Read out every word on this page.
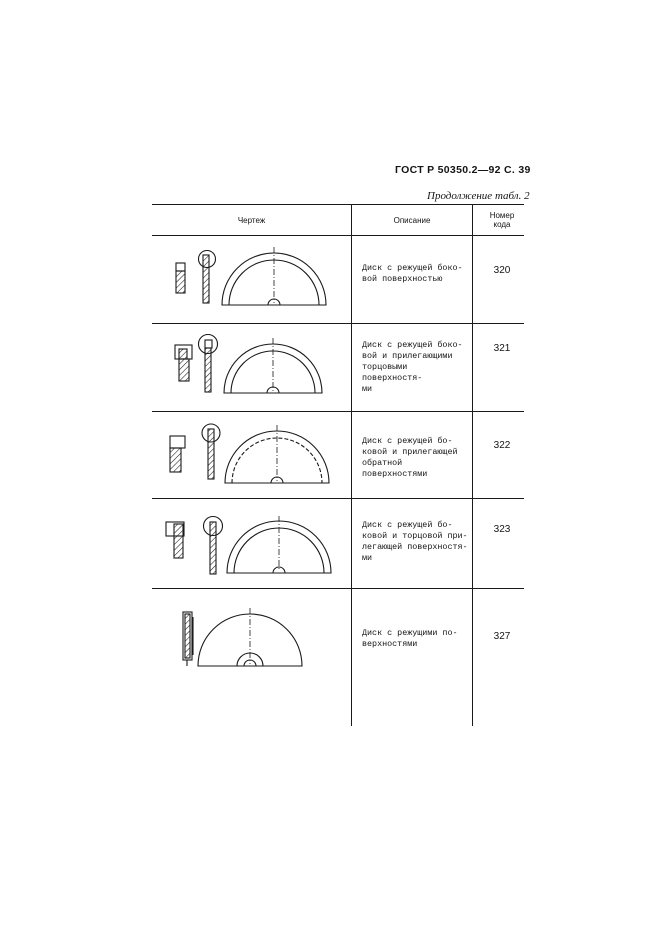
ГОСТ Р 50350.2—92 С. 39
Продолжение табл. 2
Чертеж	Описание
Номер
кода
Диск с режущей боко-
вой поверхностью
320
Диск с режущей боко-
вой и прилегающими
торцовыми поверхностя-
ми
321
Диск с режущей бо-
ковой и прилегающей
обратной поверхностями
322
Диск с режущей бо-
ковой и торцовой при-
легающей поверхностя-
ми
323
Диск с режущими по-
верхностями
327
